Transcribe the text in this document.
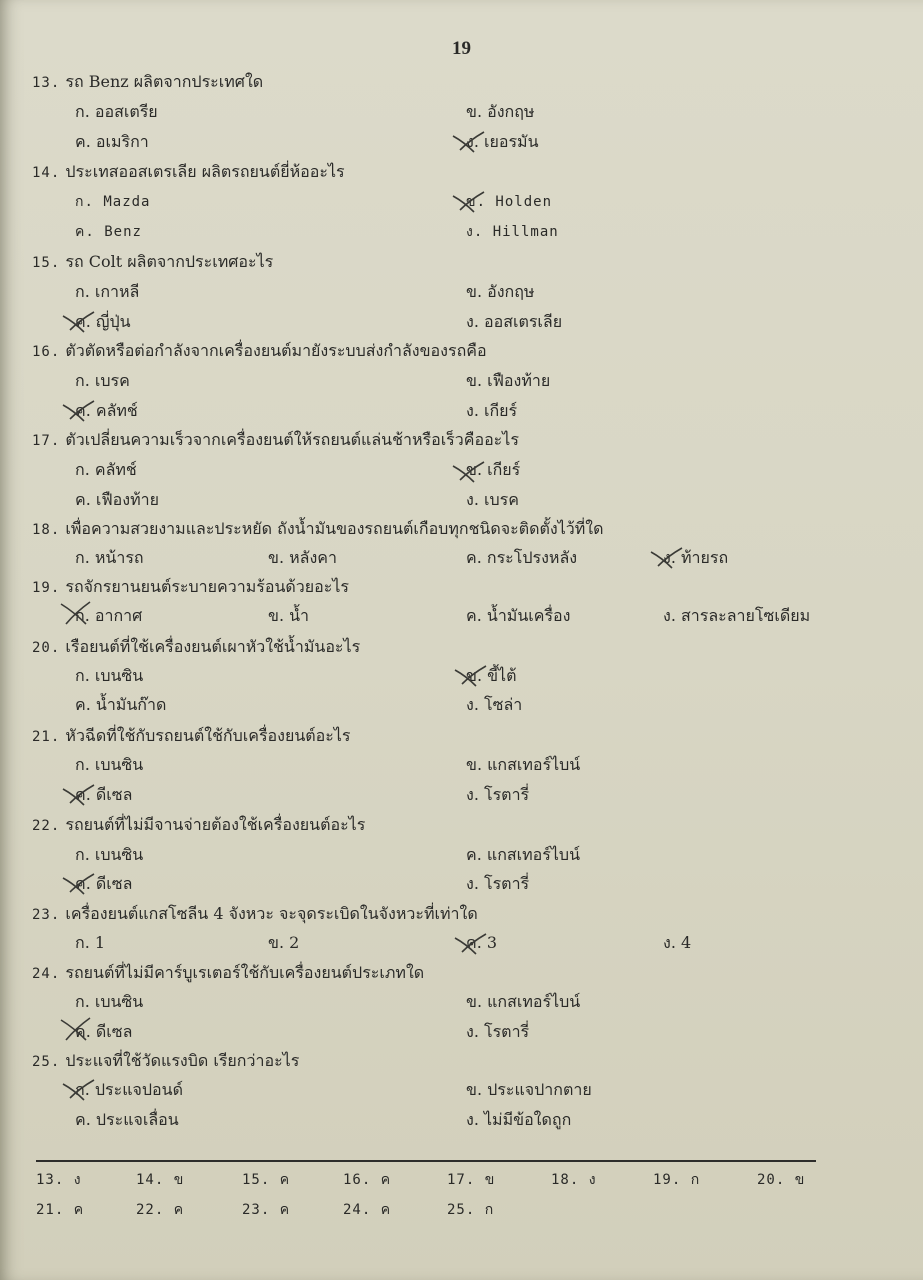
19
13. รถ Benz ผลิตจากประเทศใด
ก. ออสเตรีย	ข. อังกฤษ
ค. อเมริกา	ง. เยอรมัน
14. ประเทสออสเตรเลีย ผลิตรถยนต์ยี่ห้ออะไร
ก. Mazda	ข. Holden
ค. Benz	ง. Hillman
15. รถ Colt ผลิตจากประเทศอะไร
ก. เกาหลี	ข. อังกฤษ
ค. ญี่ปุ่น	ง. ออสเตรเลีย
16. ตัวตัดหรือต่อกำลังจากเครื่องยนต์มายังระบบส่งกำลังของรถคือ
ก. เบรค	ข. เฟืองท้าย
ค. คลัทช์	ง. เกียร์
17. ตัวเปลี่ยนความเร็วจากเครื่องยนต์ให้รถยนต์แล่นช้าหรือเร็วคืออะไร
ก. คลัทช์	ข. เกียร์
ค. เฟืองท้าย	ง. เบรค
18. เพื่อความสวยงามและประหยัด ถังน้ำมันของรถยนต์เกือบทุกชนิดจะติดตั้งไว้ที่ใด
ก. หน้ารถ	ข. หลังคา	ค. กระโปรงหลัง	ง. ท้ายรถ
19. รถจักรยานยนต์ระบายความร้อนด้วยอะไร
ก. อากาศ	ข. น้ำ	ค. น้ำมันเครื่อง	ง. สารละลายโซเดียม
20. เรือยนต์ที่ใช้เครื่องยนต์เผาหัวใช้น้ำมันอะไร
ก. เบนซิน	ข. ขี้ไต้
ค. น้ำมันก๊าด	ง. โซล่า
21. หัวฉีดที่ใช้กับรถยนต์ใช้กับเครื่องยนต์อะไร
ก. เบนซิน	ข. แกสเทอร์ไบน์
ค. ดีเซล	ง. โรตารี่
22. รถยนต์ที่ไม่มีจานจ่ายต้องใช้เครื่องยนต์อะไร
ก. เบนซิน	ค. แกสเทอร์ไบน์
ค. ดีเซล	ง. โรตารี่
23. เครื่องยนต์แกสโซลีน 4 จังหวะ จะจุดระเบิดในจังหวะที่เท่าใด
ก. 1	ข. 2	ค. 3	ง. 4
24. รถยนต์ที่ไม่มีคาร์บูเรเตอร์ใช้กับเครื่องยนต์ประเภทใด
ก. เบนซิน	ข. แกสเทอร์ไบน์
ค. ดีเซล	ง. โรตารี่
25. ประแจที่ใช้วัดแรงบิด เรียกว่าอะไร
ก. ประแจปอนด์	ข. ประแจปากตาย
ค. ประแจเลื่อน	ง. ไม่มีข้อใดถูก
13. ง	14. ข	15. ค	16. ค	17. ข	18. ง	19. ก	20. ข
21. ค	22. ค	23. ค	24. ค	25. ก
